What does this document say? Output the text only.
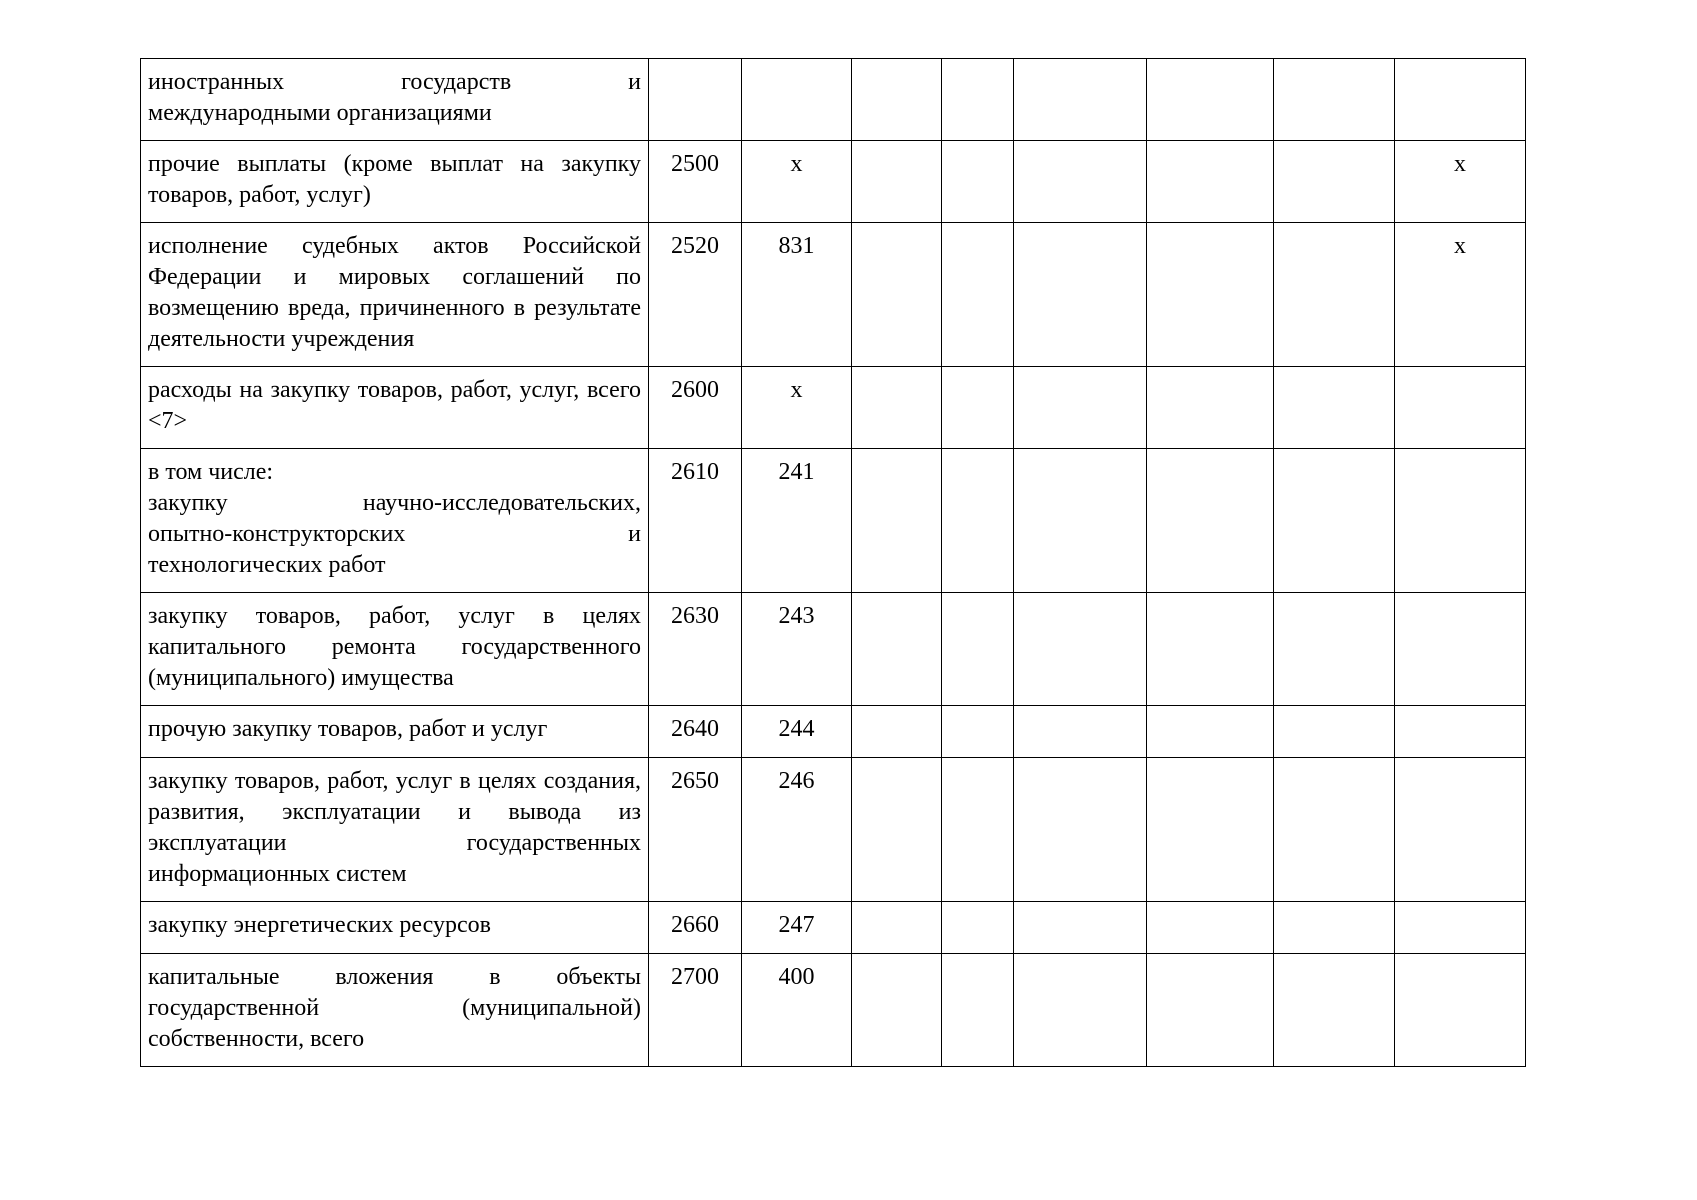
иностранных государств и
международными организациями								

прочие выплаты (кроме выплат на закупку товаров, работ, услуг)	2500	x						x
исполнение судебных актов Российской Федерации и мировых соглашений по возмещению вреда, причиненного в результате деятельности учреждения	2520	831						x
расходы на закупку товаров, работ, услуг, всего <7>	2600	x						

в том числе:
закупку научно-исследовательских,
опытно-конструкторских и
технологических работ	2610	241						
закупку товаров, работ, услуг в целях капитального ремонта государственного (муниципального) имущества	2630	243						
прочую закупку товаров, работ и услуг	2640	244						
закупку товаров, работ, услуг в целях создания, развития, эксплуатации и вывода из эксплуатации государственных информационных систем	2650	246						
закупку энергетических ресурсов	2660	247						
капитальные вложения в объекты государственной (муниципальной) собственности, всего	2700	400						
